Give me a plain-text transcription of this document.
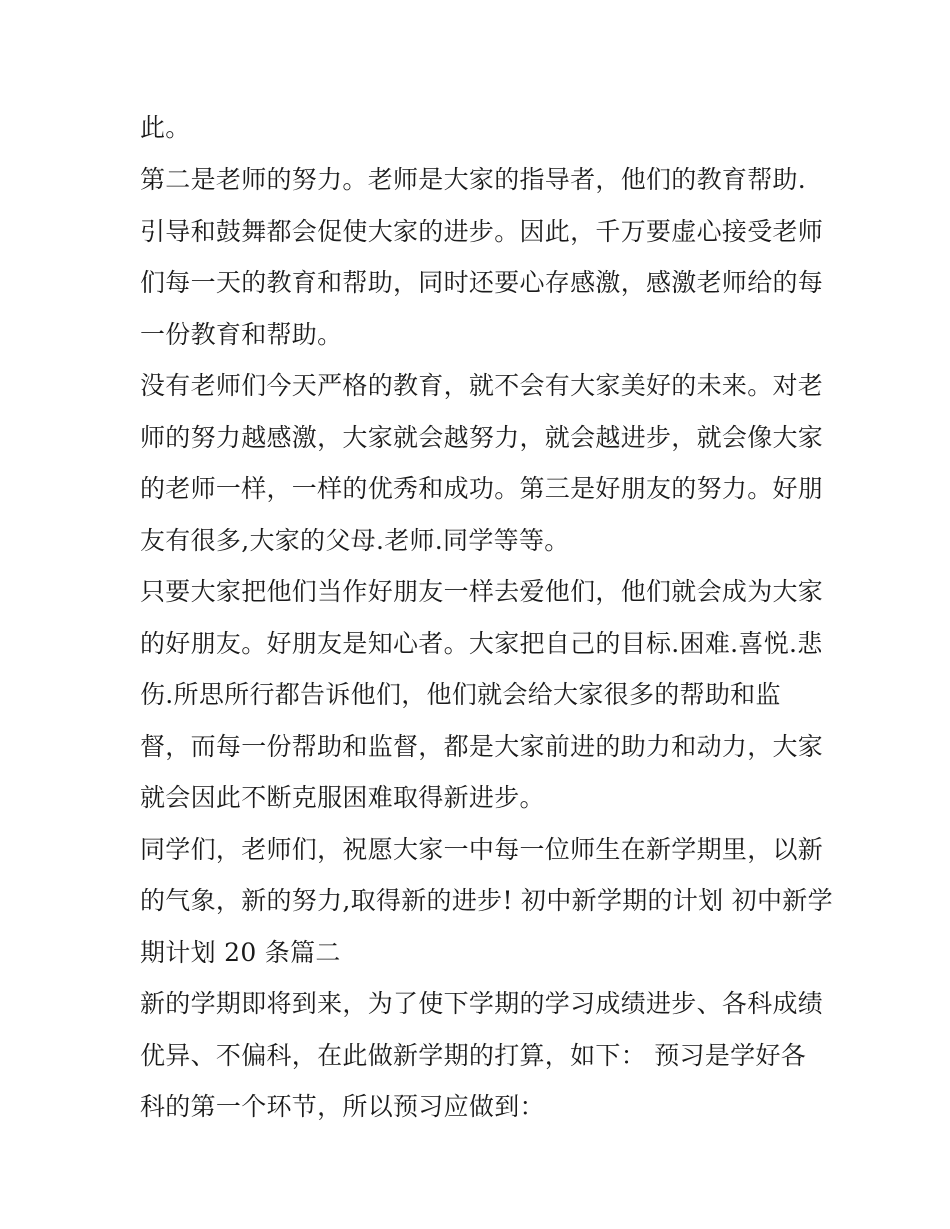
此。
第二是老师的努力。老师是大家的指导者，他们的教育帮助.
引导和鼓舞都会促使大家的进步。因此，千万要虚心接受老师
们每一天的教育和帮助，同时还要心存感激，感激老师给的每
一份教育和帮助。
没有老师们今天严格的教育，就不会有大家美好的未来。对老
师的努力越感激，大家就会越努力，就会越进步，就会像大家
的老师一样，一样的优秀和成功。第三是好朋友的努力。好朋
友有很多,大家的父母.老师.同学等等。
只要大家把他们当作好朋友一样去爱他们，他们就会成为大家
的好朋友。好朋友是知心者。大家把自己的目标.困难.喜悦.悲
伤.所思所行都告诉他们，他们就会给大家很多的帮助和监
督，而每一份帮助和监督，都是大家前进的助力和动力，大家
就会因此不断克服困难取得新进步。
同学们，老师们，祝愿大家一中每一位师生在新学期里，以新
的气象，新的努力,取得新的进步! 初中新学期的计划 初中新学
期计划 20 条篇二
新的学期即将到来，为了使下学期的学习成绩进步、各科成绩
优异、不偏科，在此做新学期的打算，如下： 预习是学好各
科的第一个环节，所以预习应做到：
